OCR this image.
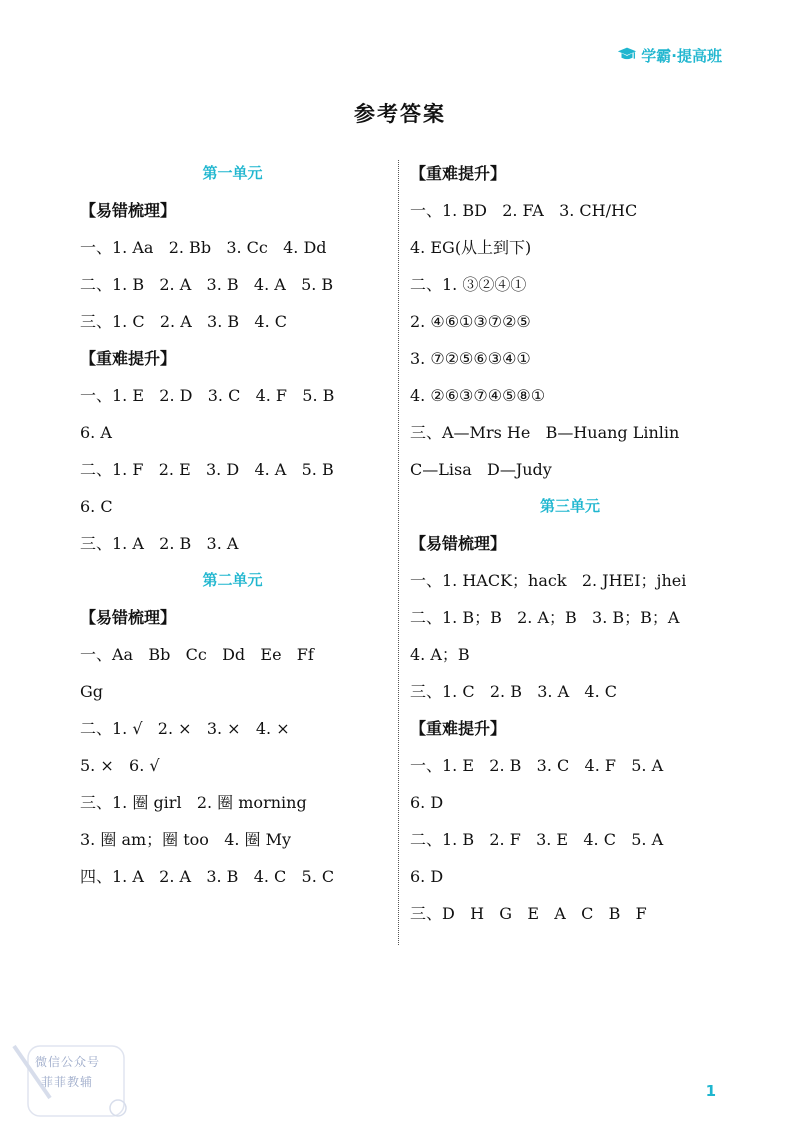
学霸·提高班
参考答案
第一单元
【易错梳理】
一、1. Aa   2. Bb   3. Cc   4. Dd
二、1. B   2. A   3. B   4. A   5. B
三、1. C   2. A   3. B   4. C
【重难提升】
一、1. E   2. D   3. C   4. F   5. B
6. A
二、1. F   2. E   3. D   4. A   5. B
6. C
三、1. A   2. B   3. A
第二单元
【易错梳理】
一、Aa   Bb   Cc   Dd   Ee   Ff
Gg
二、1. √   2. ×   3. ×   4. ×
5. ×   6. √
三、1. 圈 girl   2. 圈 morning
3. 圈 am；圈 too   4. 圈 My
四、1. A   2. A   3. B   4. C   5. C
【重难提升】
一、1. BD   2. FA   3. CH/HC
4. EG(从上到下)
二、1. ③②④①
2. ④⑥①③⑦②⑤
3. ⑦②⑤⑥③④①
4. ②⑥③⑦④⑤⑧①
三、A—Mrs He   B—Huang Linlin
C—Lisa   D—Judy
第三单元
【易错梳理】
一、1. HACK；hack   2. JHEI；jhei
二、1. B；B   2. A；B   3. B；B；A
4. A；B
三、1. C   2. B   3. A   4. C
【重难提升】
一、1. E   2. B   3. C   4. F   5. A
6. D
二、1. B   2. F   3. E   4. C   5. A
6. D
三、D   H   G   E   A   C   B   F
微信公众号
菲菲教辅	1
